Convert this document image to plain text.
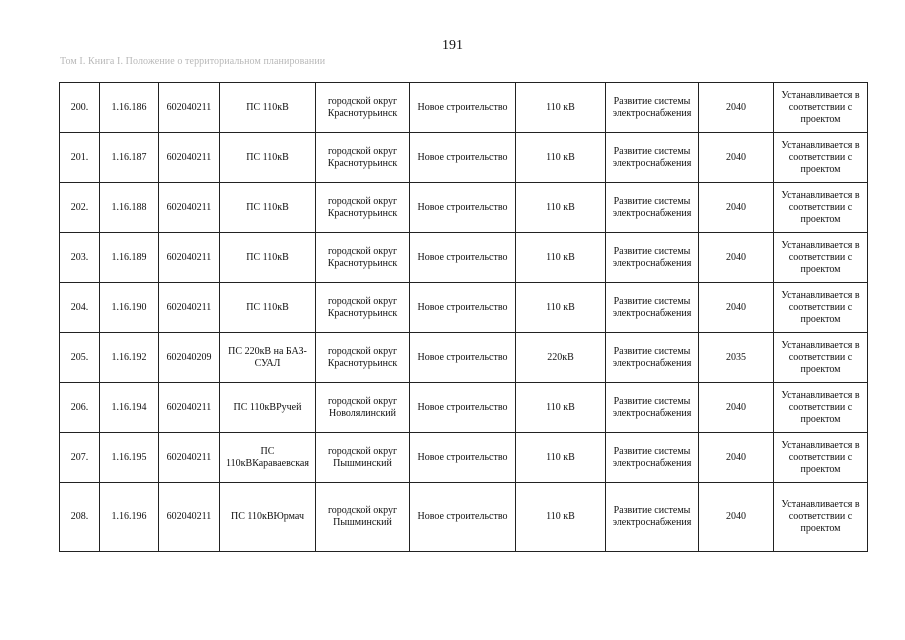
191
Том I. Книга I. Положение о территориальном планировании
200.	1.16.186	602040211	ПС 110кВ	городской округ Краснотурьинск	Новое строительство	110 кВ	Развитие системы электроснабжения	2040	Устанавливается в соответствии с проектом
201.	1.16.187	602040211	ПС 110кВ	городской округ Краснотурьинск	Новое строительство	110 кВ	Развитие системы электроснабжения	2040	Устанавливается в соответствии с проектом
202.	1.16.188	602040211	ПС 110кВ	городской округ Краснотурьинск	Новое строительство	110 кВ	Развитие системы электроснабжения	2040	Устанавливается в соответствии с проектом
203.	1.16.189	602040211	ПС 110кВ	городской округ Краснотурьинск	Новое строительство	110 кВ	Развитие системы электроснабжения	2040	Устанавливается в соответствии с проектом
204.	1.16.190	602040211	ПС 110кВ	городской округ Краснотурьинск	Новое строительство	110 кВ	Развитие системы электроснабжения	2040	Устанавливается в соответствии с проектом
205.	1.16.192	602040209	ПС 220кВ на БАЗ-СУАЛ	городской округ Краснотурьинск	Новое строительство	220кВ	Развитие системы электроснабжения	2035	Устанавливается в соответствии с проектом
206.	1.16.194	602040211	ПС 110кВРучей	городской округ Новолялинский	Новое строительство	110 кВ	Развитие системы электроснабжения	2040	Устанавливается в соответствии с проектом
207.	1.16.195	602040211	ПС 110кВКараваевская	городской округ Пышминский	Новое строительство	110 кВ	Развитие системы электроснабжения	2040	Устанавливается в соответствии с проектом
208.	1.16.196	602040211	ПС 110кВЮрмач	городской округ Пышминский	Новое строительство	110 кВ	Развитие системы электроснабжения	2040	Устанавливается в соответствии с проектом
